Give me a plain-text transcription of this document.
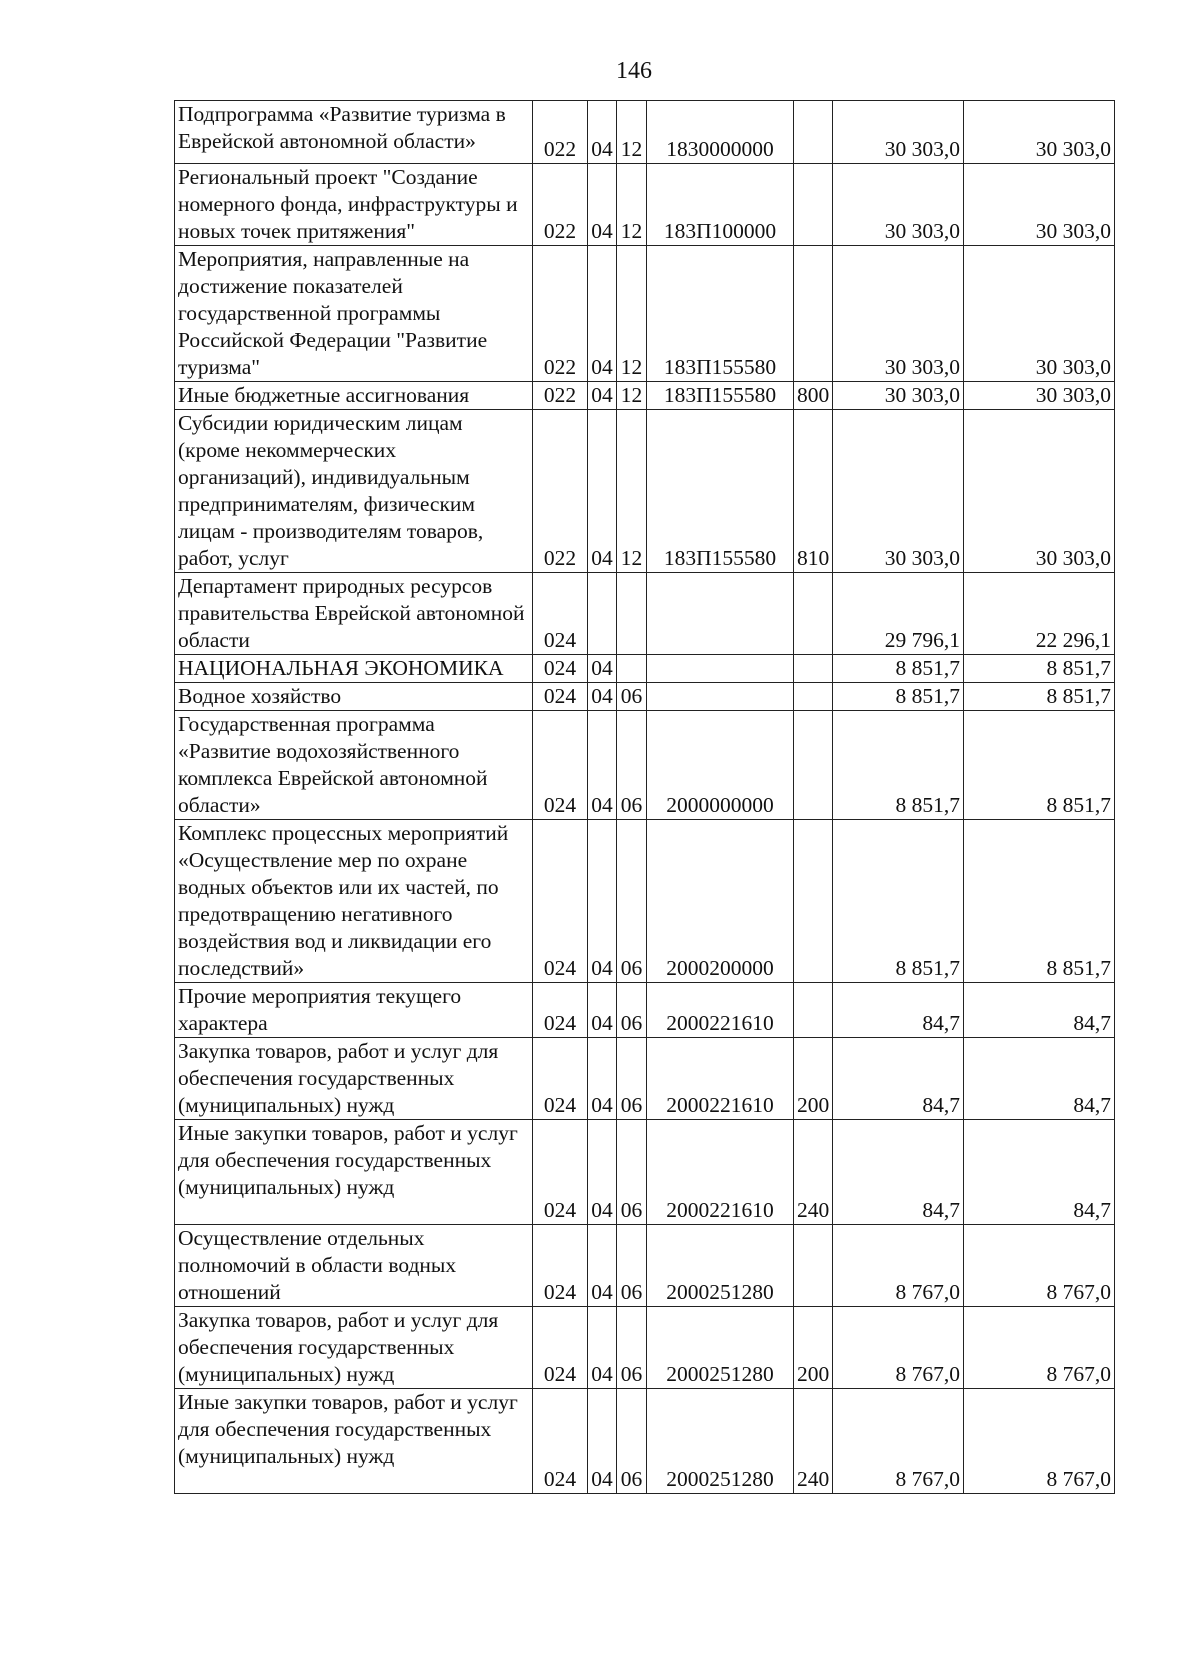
146
Подпрограмма «Развитие туризма в Еврейской автономной области»	022	04	12	1830000000		30 303,0	30 303,0

Региональный проект "Создание номерного фонда, инфраструктуры и новых точек притяжения"	022	04	12	183П100000		30 303,0	30 303,0

Мероприятия, направленные на достижение показателей государственной программы Российской Федерации "Развитие туризма"	022	04	12	183П155580		30 303,0	30 303,0

Иные бюджетные ассигнования	022	04	12	183П155580	800	30 303,0	30 303,0

Субсидии юридическим лицам (кроме некоммерческих организаций), индивидуальным предпринимателям, физическим лицам - производителям товаров, работ, услуг	022	04	12	183П155580	810	30 303,0	30 303,0

Департамент природных ресурсов правительства Еврейской автономной области	024					29 796,1	22 296,1

НАЦИОНАЛЬНАЯ ЭКОНОМИКА	024	04				8 851,7	8 851,7

Водное хозяйство	024	04	06			8 851,7	8 851,7

Государственная программа «Развитие водохозяйственного комплекса Еврейской автономной области»	024	04	06	2000000000		8 851,7	8 851,7

Комплекс процессных мероприятий «Осуществление мер по охране водных объектов или их частей, по предотвращению негативного воздействия вод и ликвидации его последствий»	024	04	06	2000200000		8 851,7	8 851,7

Прочие мероприятия текущего характера	024	04	06	2000221610		84,7	84,7

Закупка товаров, работ и услуг для обеспечения государственных (муниципальных) нужд	024	04	06	2000221610	200	84,7	84,7

Иные закупки товаров, работ и услуг для обеспечения государственных (муниципальных) нужд	024	04	06	2000221610	240	84,7	84,7

Осуществление отдельных полномочий в области водных отношений	024	04	06	2000251280		8 767,0	8 767,0

Закупка товаров, работ и услуг для обеспечения государственных (муниципальных) нужд	024	04	06	2000251280	200	8 767,0	8 767,0

Иные закупки товаров, работ и услуг для обеспечения государственных (муниципальных) нужд	024	04	06	2000251280	240	8 767,0	8 767,0
